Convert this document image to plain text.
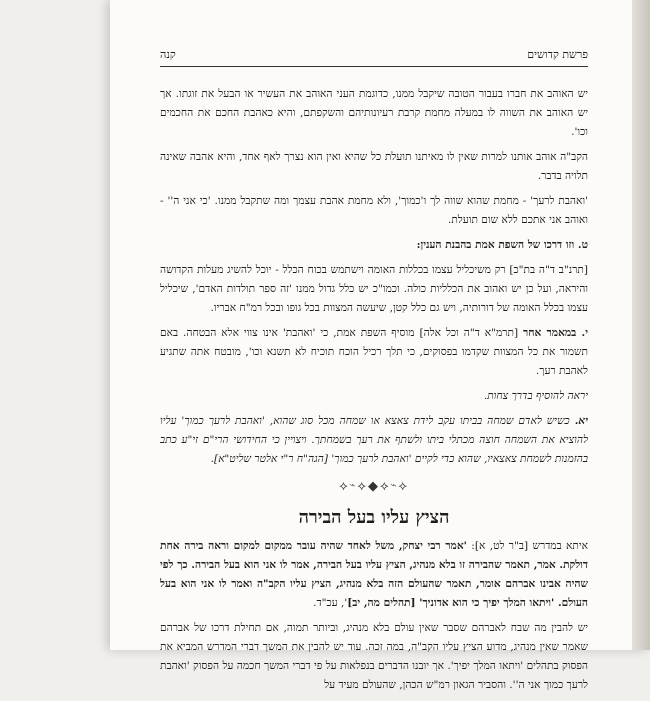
פרשת קדושים
קנה

יש האוהב את חברו בעבור הטובה שיקבל ממנו, כדוגמת העני האוהב את העשיר או הבעל את זוגתו. אך יש האוהב את השווה לו במעלה מחמת קרבת רעיונותיהם והשקפתם, והיא כאהבת החכם את החכמים וכו'.

הקב"ה אוהב אותנו למרות שאין לו מאיתנו תועלת כל שהיא ואין הוא נצרך לאף אחד, והיא אהבה שאינה תלויה בדבר.

'ואהבת לרעך' - מחמת שהוא שווה לך ו'כמוך', ולא מחמת אהבת עצמך ומה שתקבל ממנו. 'כי אני ה'' - ואוהב אני אתכם ללא שום תועלת.

ט. וזו דרכו של השפת אמת בהבנת הענין:

[תרנ"ב ד"ה בת"כ] רק משיכליל עצמו בכללות האומה וישתמש בכוח הכלל - יוכל להשיג מעלות הקדושה והיראה, ועל כן יש ואהוב את הכלליות כולה. וכמו"כ יש כלל גדול ממנו 'זה ספר תולדות האדם', שיכליל עצמו בכלל האומה של דורותיה, ויש גם כלל קטן, שיעשה המצוות בכל גופו ובכל רמ"ח אבריו.

י. במאמר אחר [תרמ"א ד"ה וכל אלה] מוסיף השפת אמת, כי 'ואהבת' אינו צווי אלא הבטחה. באם תשמור את כל המצוות שקדמו בפסוקים, כי תלך רכיל הוכח תוכיח לא תשנא וכו', מובטח אתה שתגיע לאהבת רעך.

יראה להוסיף בדרך צחות.

יא. כשיש לאדם שמחה בביתו עקב לידת צאצא או שמחה מכל סוג שהוא, 'ואהבת לרעך כמוך' עליו להוציא את השמחה חוצה מכתלי ביתו ולשתף את רעך בשמחתך. ויצויין כי החידושי הרי"ם זי"ע כתב בהזמנות לשמחת צאצאיו, שהוא כדי לקיים 'ואהבת לרעך כמוך' [הגה"ח ר"י אלטר שליט"א].

⟡⌁⟡◆⟡⌁⟡
הציץ עליו בעל הבירה

איתא במדרש [ב"ר לט, א]: 'אמר רבי יצחק, משל לאחד שהיה עובר ממקום למקום וראה בירה אחת דולקת. אמר, תאמר שהבירה זו בלא מנהיג, הציץ עליו בעל הבירה, אמר לו אני הוא בעל הבירה. כך לפי שהיה אבינו אברהם אומר, תאמר שהעולם הזה בלא מנהיג, הציץ עליו הקב"ה ואמר לו אני הוא בעל העולם. 'ויתאו המלך יפיך כי הוא אדוניך' [תהלים מה, יב]', עכ"ד.

יש להבין מה שבח לאברהם שסבר שאין עולם בלא מנהיג, וביותר תמוה, אם תחילת דרכו של אברהם שאמר שאין מנהיג, מדוע הציץ עליו הקב"ה, במה זכה. עוד יש להבין את המשך דברי המדרש המביא את הפסוק בתהלים 'ויתאו המלך יפיך'. אך יובנו הדברים בנפלאות על פי דברי המשך חכמה על הפסוק 'ואהבת לרעך כמוך אני ה''. והסביר הגאון רמ"ש הכהן, שהעולם מעיד על
